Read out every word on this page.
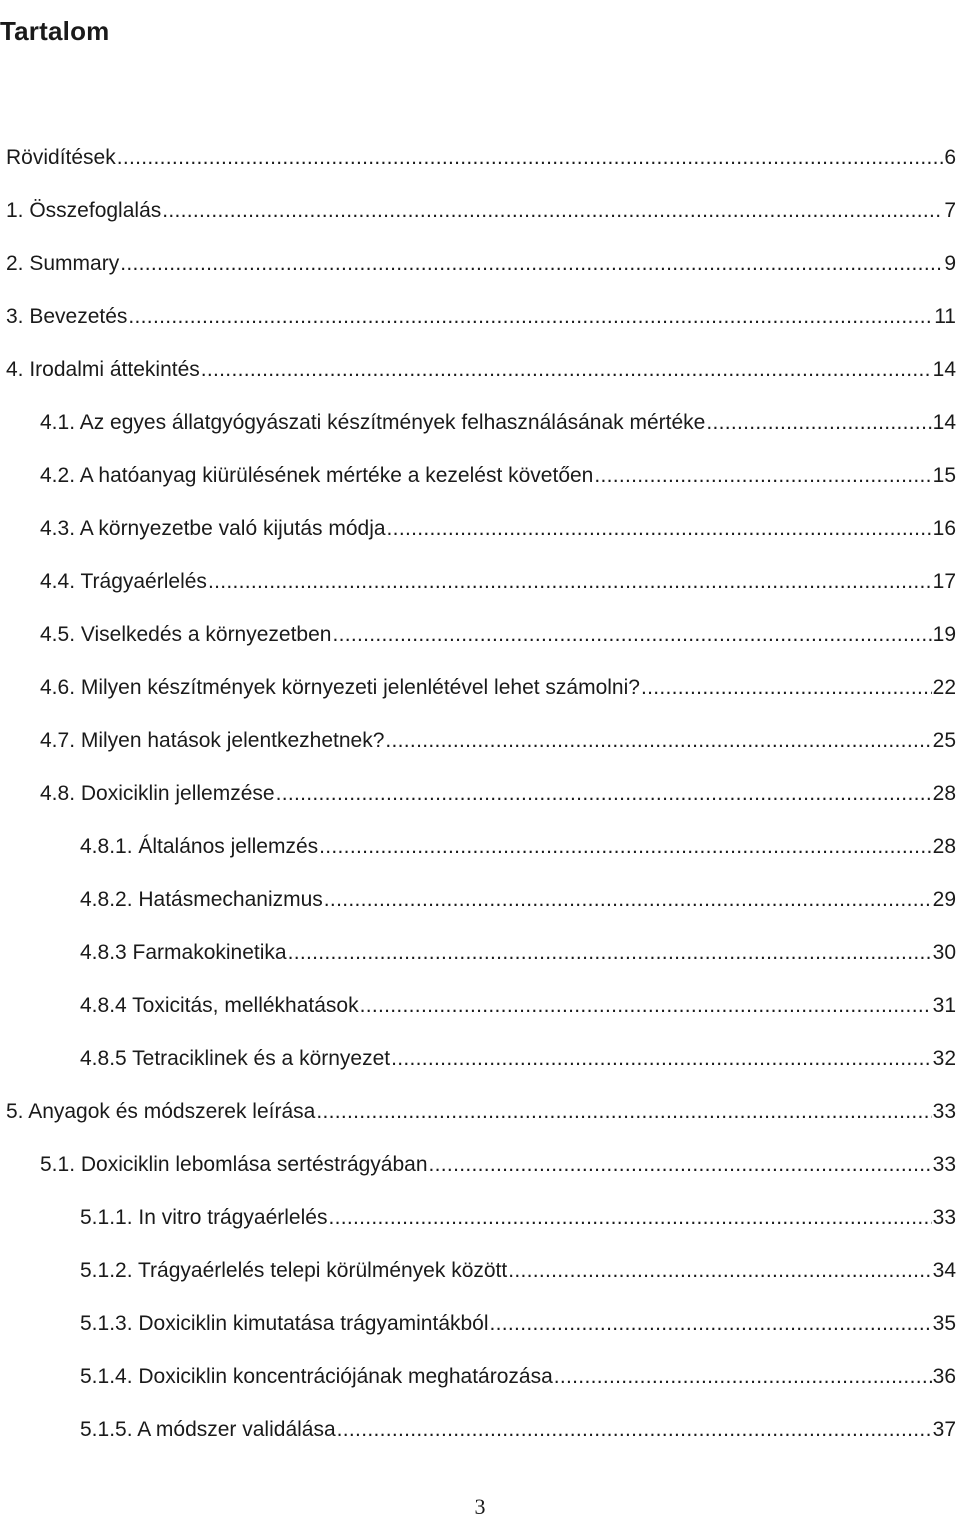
Tartalom
Rövidítések .....	6
1. Összefoglalás .....	7
2. Summary .....	9
3. Bevezetés .....	11
4. Irodalmi áttekintés .....	14
4.1. Az egyes állatgyógyászati készítmények felhasználásának mértéke .....	14
4.2. A hatóanyag kiürülésének mértéke a kezelést követően .....	15
4.3. A környezetbe való kijutás módja .....	16
4.4. Trágyaérlelés .....	17
4.5. Viselkedés a környezetben .....	19
4.6. Milyen készítmények környezeti jelenlétével lehet számolni? .....	22
4.7. Milyen hatások jelentkezhetnek? .....	25
4.8. Doxiciklin jellemzése .....	28
4.8.1. Általános jellemzés .....	28
4.8.2. Hatásmechanizmus .....	29
4.8.3 Farmakokinetika .....	30
4.8.4 Toxicitás, mellékhatások .....	31
4.8.5 Tetraciklinek és a környezet .....	32
5. Anyagok és módszerek leírása .....	33
5.1. Doxiciklin lebomlása sertéstrágyában .....	33
5.1.1. In vitro trágyaérlelés .....	33
5.1.2. Trágyaérlelés telepi körülmények között .....	34
5.1.3. Doxiciklin kimutatása trágyamintákból .....	35
5.1.4. Doxiciklin koncentrációjának meghatározása .....	36
5.1.5. A módszer validálása .....	37
3
